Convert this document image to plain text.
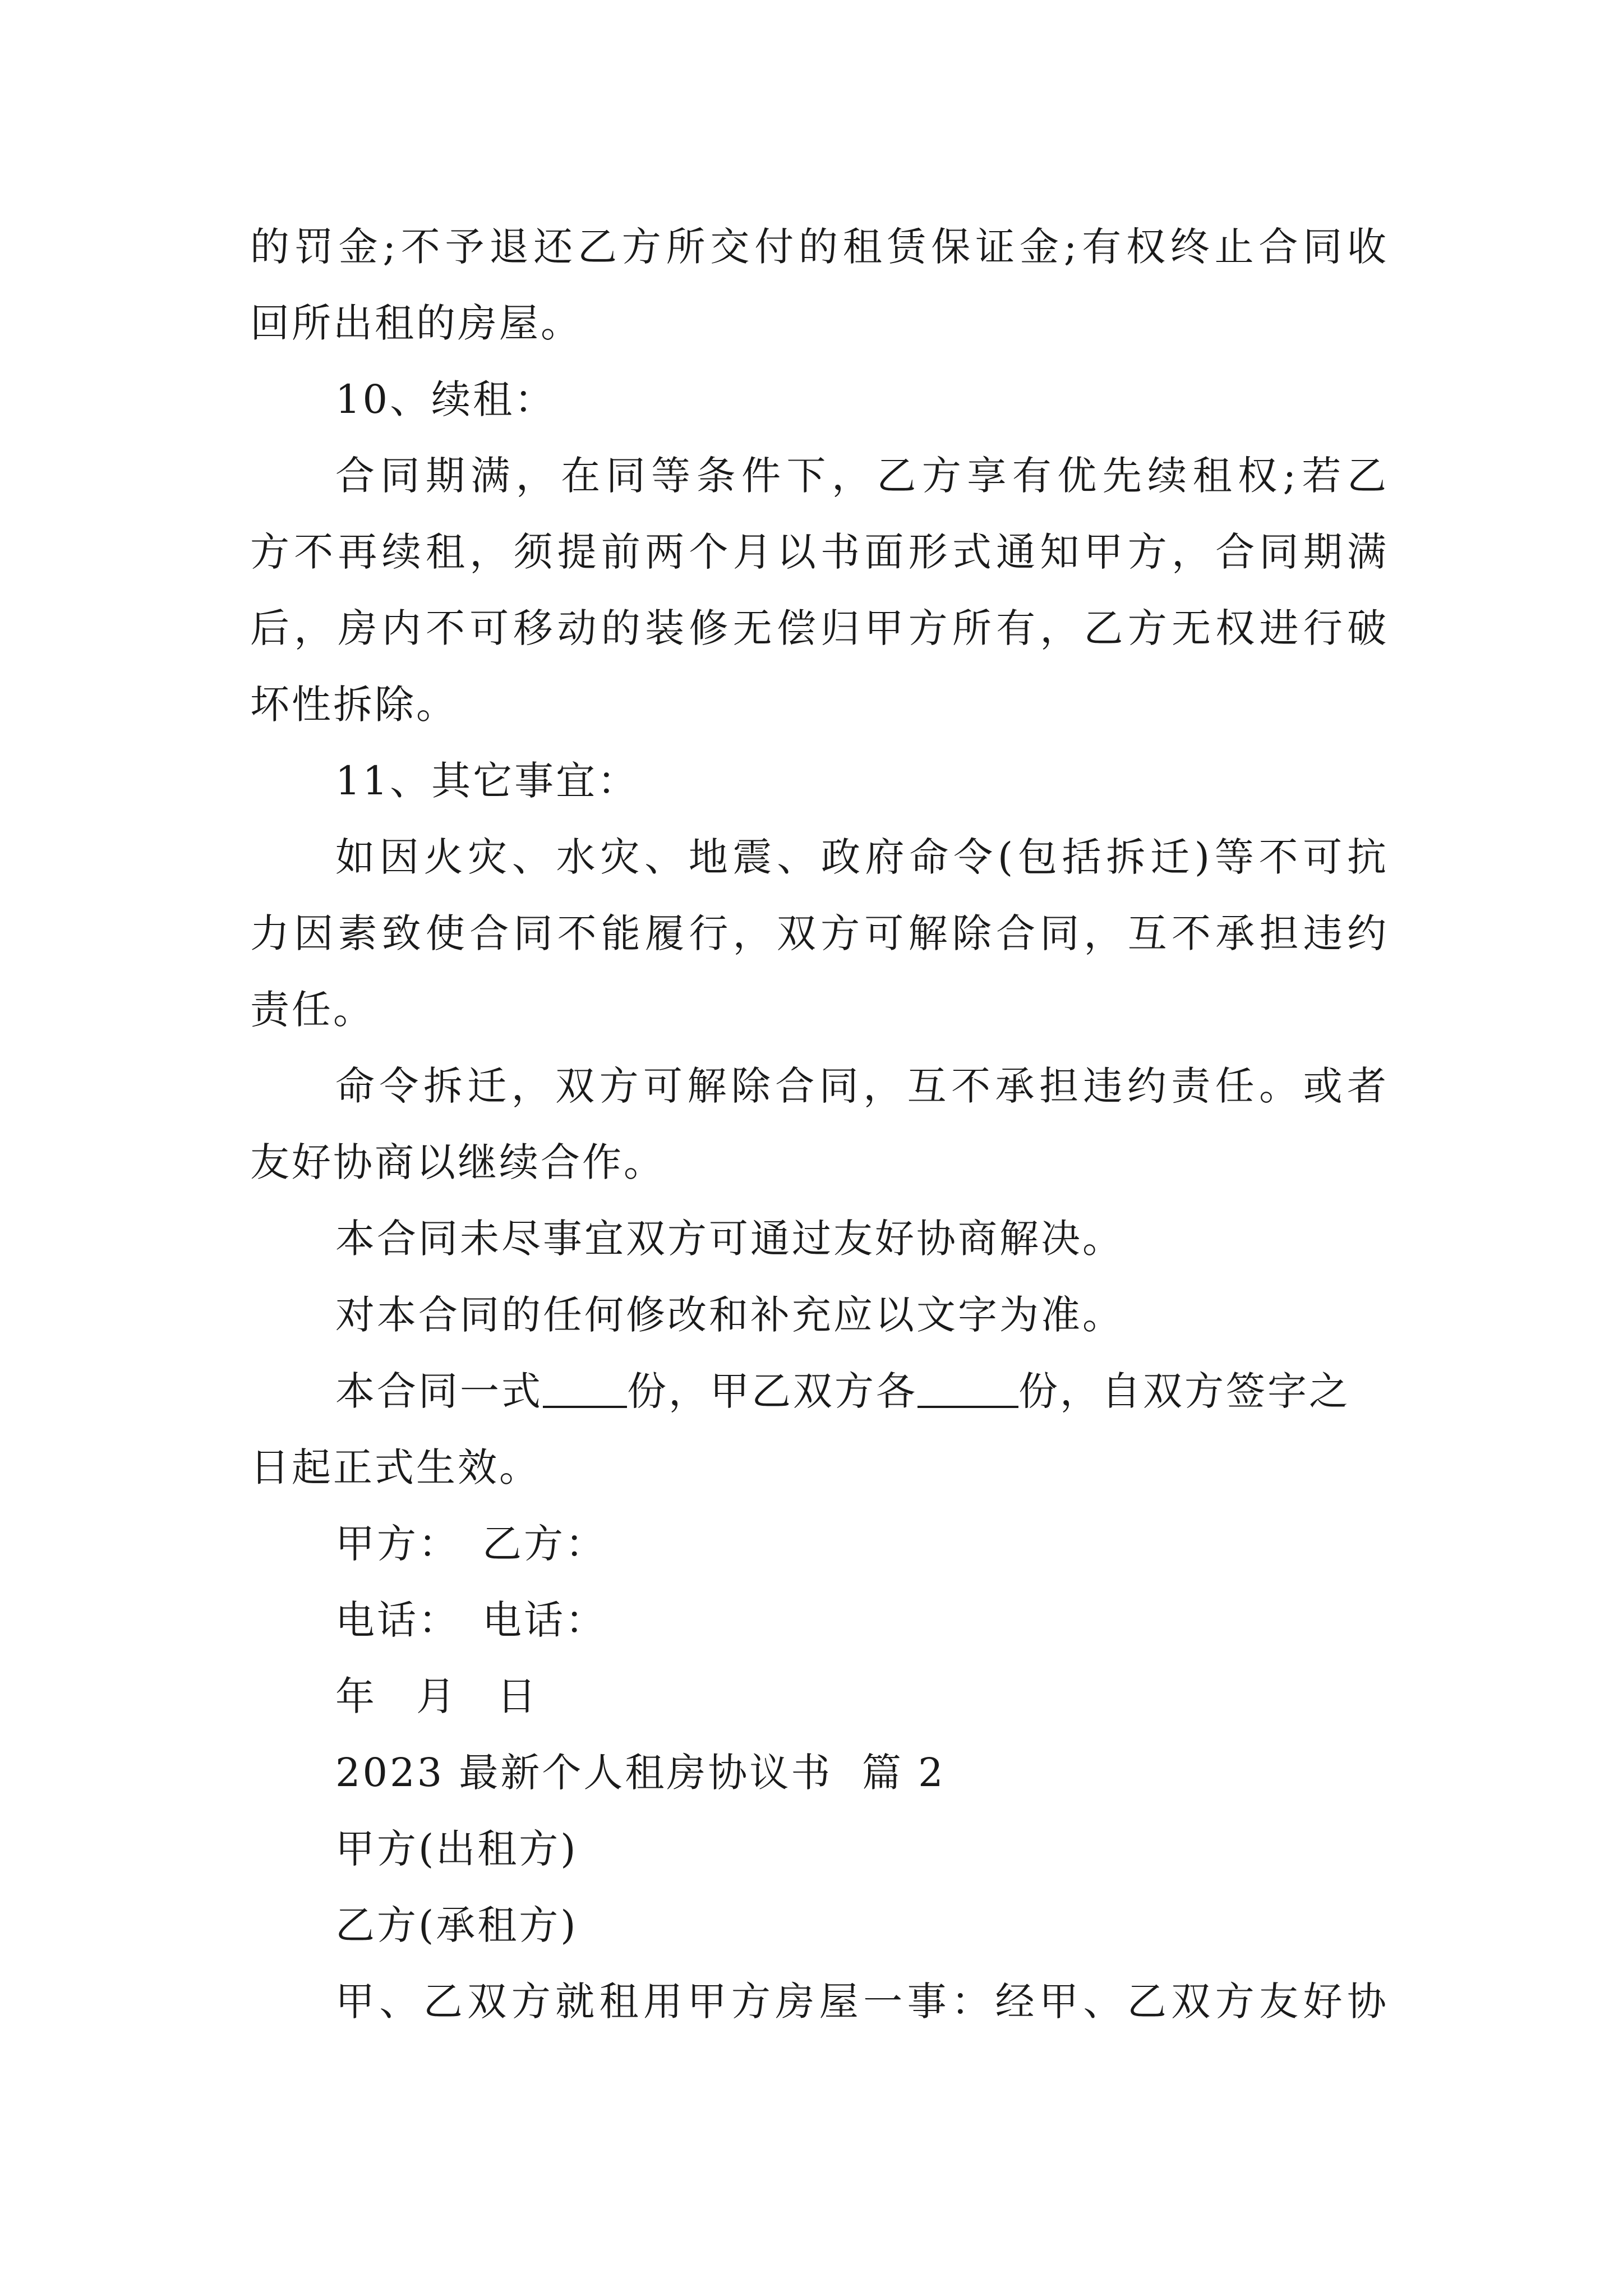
的罚金;不予退还乙方所交付的租赁保证金;有权终止合同收
回所出租的房屋。
10、续租：
合同期满，在同等条件下，乙方享有优先续租权;若乙
方不再续租，须提前两个月以书面形式通知甲方，合同期满
后，房内不可移动的装修无偿归甲方所有，乙方无权进行破
坏性拆除。
11、其它事宜：
如因火灾、水灾、地震、政府命令(包括拆迁)等不可抗
力因素致使合同不能履行，双方可解除合同，互不承担违约
责任。
命令拆迁，双方可解除合同，互不承担违约责任。或者
友好协商以继续合作。
本合同未尽事宜双方可通过友好协商解决。
对本合同的任何修改和补充应以文字为准。
本合同一式 份，甲乙双方各	份，自双方签字之
日起正式生效。
甲方： 乙方：
电话： 电话：
年 月 日
2023 最新个人租房协议书  篇 2
甲方(出租方)
乙方(承租方)
甲、乙双方就租用甲方房屋一事：经甲、乙双方友好协
